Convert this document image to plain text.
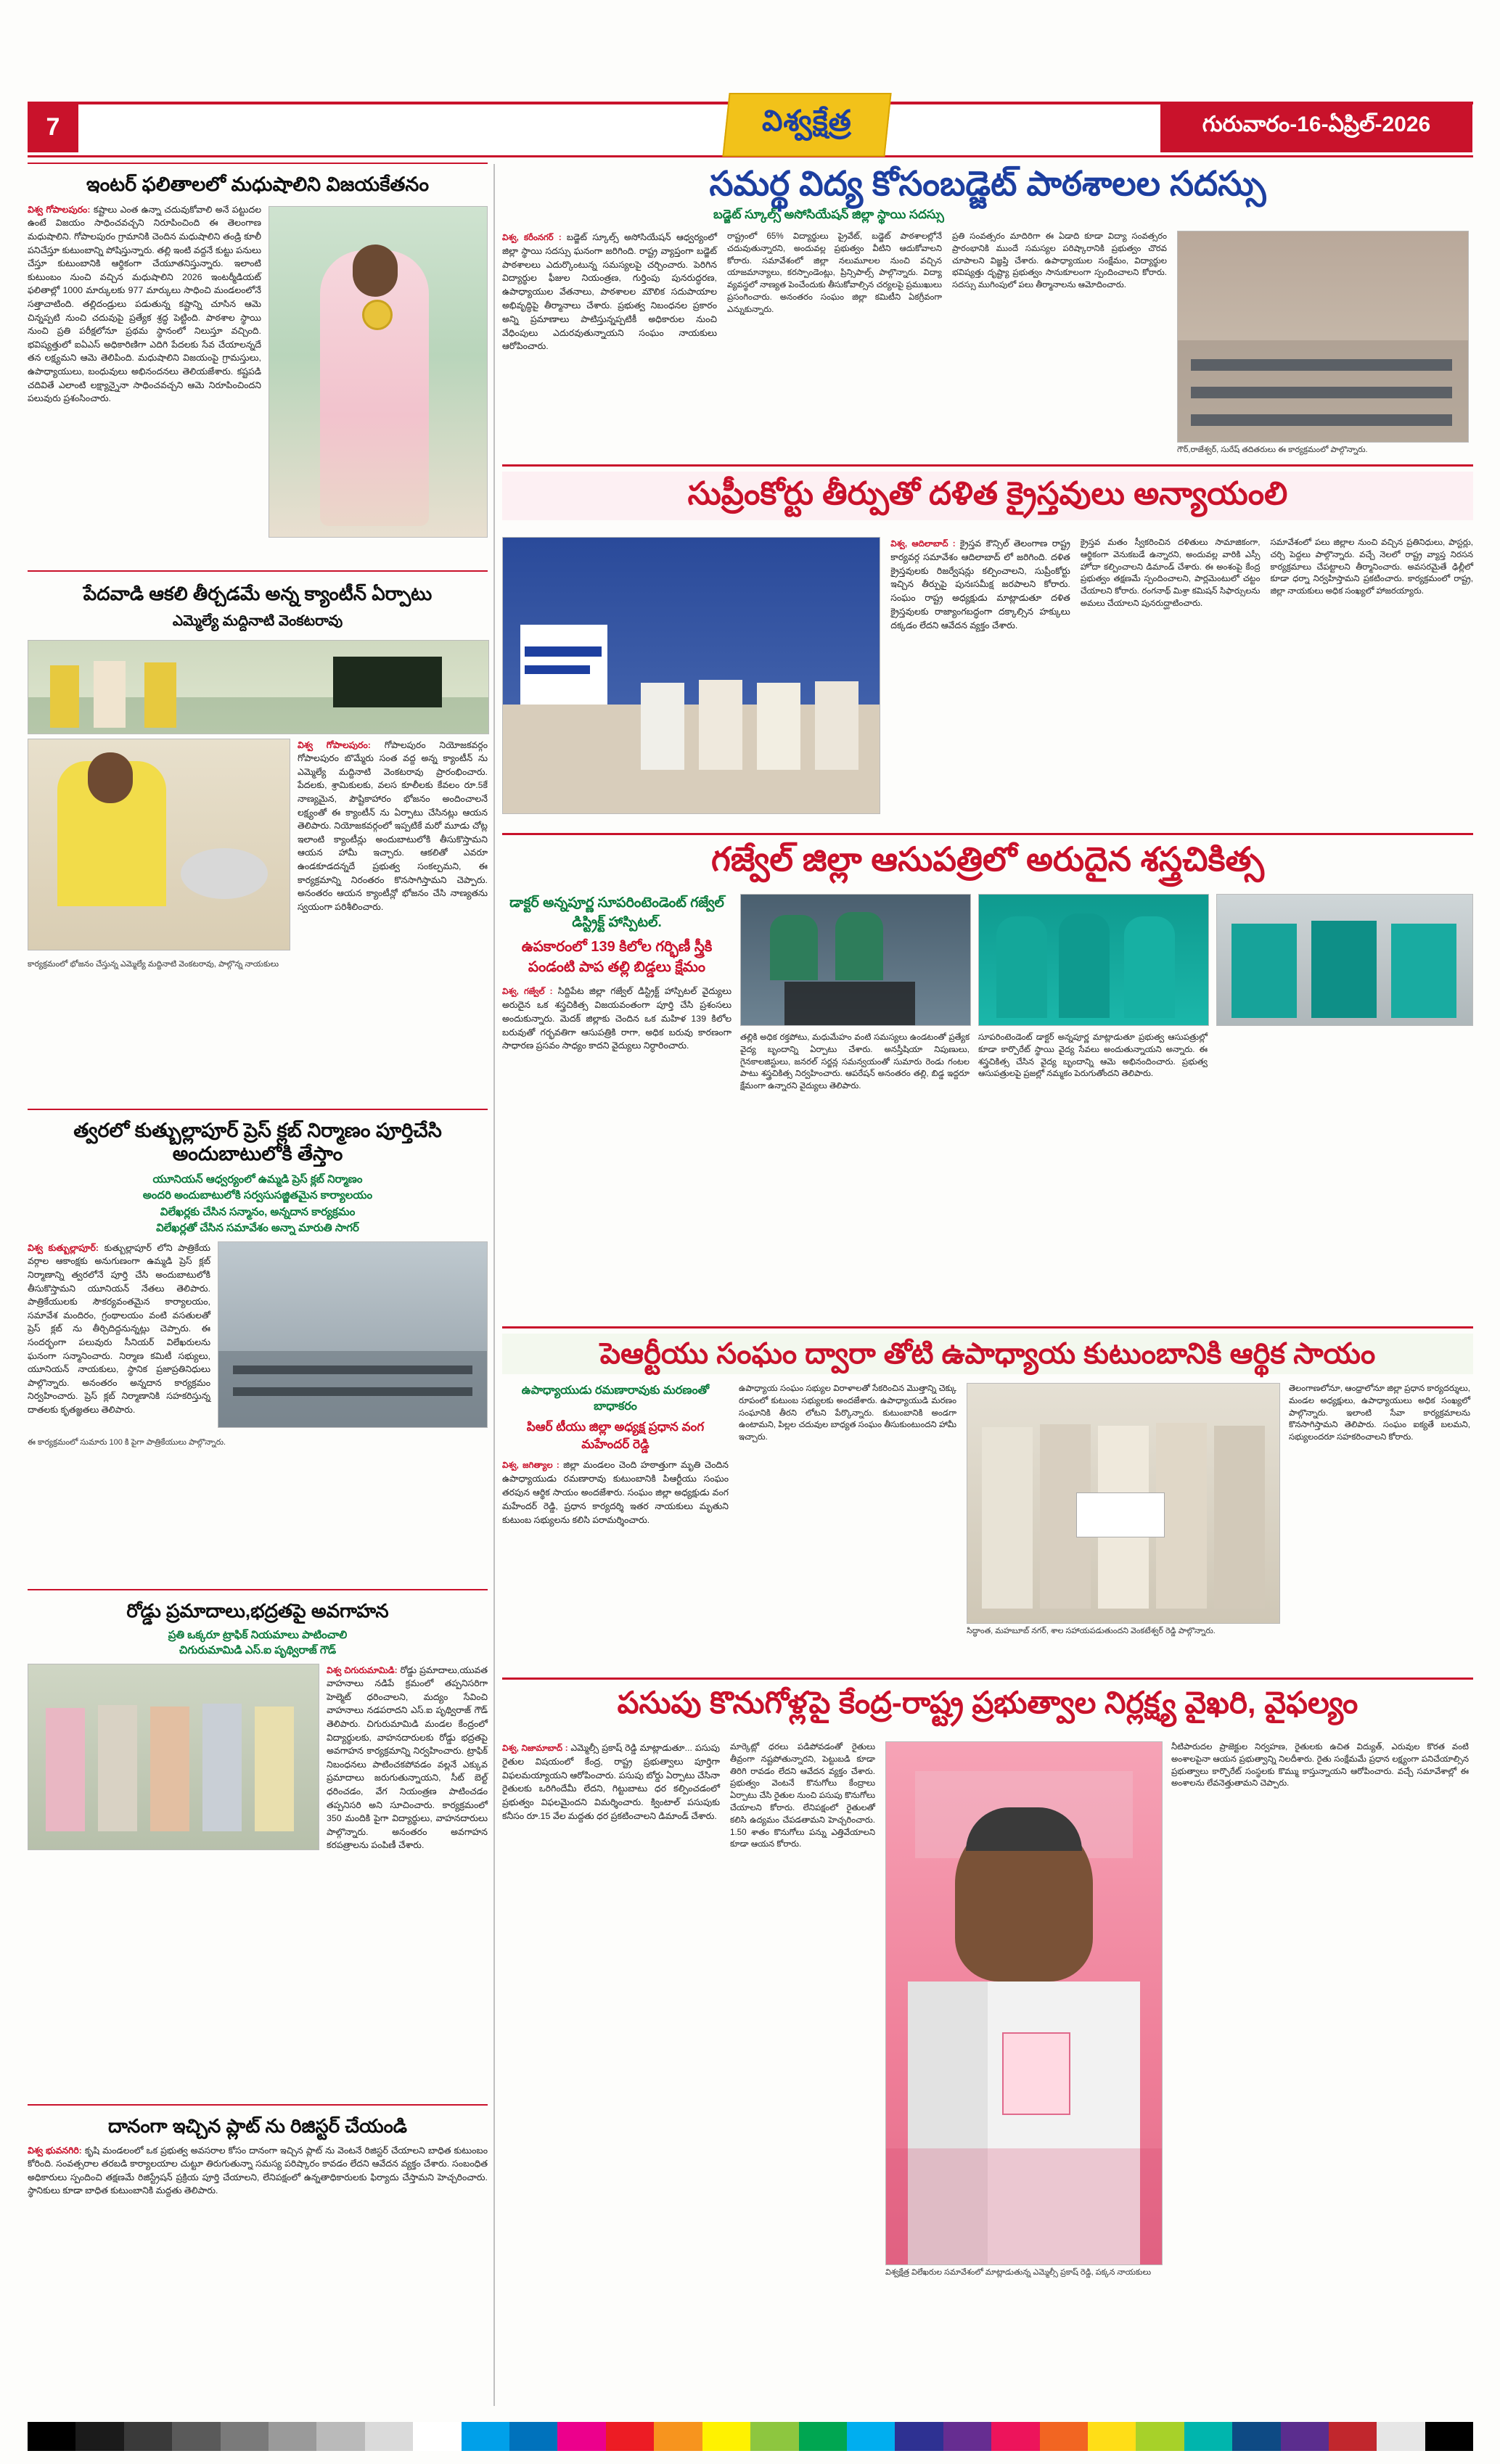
7	విశ్వక్షేత్ర	గురువారం-16-ఏప్రిల్-2026
ఇంటర్ ఫలితాలలో మధుషాలిని విజయకేతనం
విశ్వ గోపాలపురం: కష్టాలు ఎంత ఉన్నా చదువుకోవాలి అనే పట్టుదల ఉంటే విజయం సాధించవచ్చని నిరూపించింది ఈ తెలంగాణ మధుషాలిని. గోపాలపురం గ్రామానికి చెందిన మధుషాలిని తండ్రి కూలీ పనిచేస్తూ కుటుంబాన్ని పోషిస్తున్నారు. తల్లి ఇంటి వద్దనే కుట్టు పనులు చేస్తూ కుటుంబానికి ఆర్థికంగా చేయూతనిస్తున్నారు. ఇలాంటి కుటుంబం నుంచి వచ్చిన మధుషాలిని 2026 ఇంటర్మీడియట్ ఫలితాల్లో 1000 మార్కులకు 977 మార్కులు సాధించి మండలంలోనే సత్తాచాటింది. తల్లిదండ్రులు పడుతున్న కష్టాన్ని చూసిన ఆమె చిన్నప్పటి నుంచి చదువుపై ప్రత్యేక శ్రద్ధ పెట్టింది. పాఠశాల స్థాయి నుంచి ప్రతి పరీక్షలోనూ ప్రథమ స్థానంలో నిలుస్తూ వచ్చింది. భవిష్యత్తులో ఐఏఎస్ అధికారిణిగా ఎదిగి పేదలకు సేవ చేయాలన్నదే తన లక్ష్యమని ఆమె తెలిపింది. మధుషాలిని విజయంపై గ్రామస్తులు, ఉపాధ్యాయులు, బంధువులు అభినందనలు తెలియజేశారు. కష్టపడి చదివితే ఎలాంటి లక్ష్యాన్నైనా సాధించవచ్చని ఆమె నిరూపించిందని పలువురు ప్రశంసించారు.
పేదవాడి ఆకలి తీర్చడమే అన్న క్యాంటీన్ ఏర్పాటు
ఎమ్మెల్యే మద్దినాటి వెంకటరావు
విశ్వ గోపాలపురం: గోపాలపురం నియోజకవర్గం గోపాలపురం బొమ్మేరు సంత వద్ద అన్న క్యాంటీన్ ను ఎమ్మెల్యే మద్దినాటి వెంకటరావు ప్రారంభించారు. పేదలకు, శ్రామికులకు, వలస కూలీలకు కేవలం రూ.5కే నాణ్యమైన, పౌష్టికాహారం భోజనం అందించాలనే లక్ష్యంతో ఈ క్యాంటీన్ ను ఏర్పాటు చేసినట్లు ఆయన తెలిపారు. నియోజకవర్గంలో ఇప్పటికే మరో మూడు చోట్ల ఇలాంటి క్యాంటీన్లు అందుబాటులోకి తీసుకొస్తామని ఆయన హామీ ఇచ్చారు. ఆకలితో ఎవరూ ఉండకూడదన్నదే ప్రభుత్వ సంకల్పమని, ఈ కార్యక్రమాన్ని నిరంతరం కొనసాగిస్తామని చెప్పారు. అనంతరం ఆయన క్యాంటీన్లో భోజనం చేసి నాణ్యతను స్వయంగా పరిశీలించారు.
కార్యక్రమంలో భోజనం చేస్తున్న ఎమ్మెల్యే మద్దినాటి వెంకటరావు, పాల్గొన్న నాయకులు
త్వరలో కుత్బుల్లాపూర్ ప్రెస్ క్లబ్ నిర్మాణం పూర్తిచేసి అందుబాటులోకి తేస్తాం
యూనియన్ ఆధ్వర్యంలో ఉమ్మడి ప్రెస్ క్లబ్ నిర్మాణం
అందరి అందుబాటులోకి సర్వసుసజ్జితమైన కార్యాలయం
విలేఖర్లకు చేసిన సన్మానం, అన్నదాన కార్యక్రమం
విలేఖర్లతో చేసిన సమావేశం అన్నా మారుతి సాగర్
విశ్వ కుత్బుల్లాపూర్: కుత్బుల్లాపూర్ లోని పాత్రికేయ వర్గాల ఆకాంక్షకు అనుగుణంగా ఉమ్మడి ప్రెస్ క్లబ్ నిర్మాణాన్ని త్వరలోనే పూర్తి చేసి అందుబాటులోకి తీసుకొస్తామని యూనియన్ నేతలు తెలిపారు. పాత్రికేయులకు సౌకర్యవంతమైన కార్యాలయం, సమావేశ మందిరం, గ్రంథాలయం వంటి వసతులతో ప్రెస్ క్లబ్ ను తీర్చిదిద్దనున్నట్లు చెప్పారు. ఈ సందర్భంగా పలువురు సీనియర్ విలేఖరులను ఘనంగా సన్మానించారు. నిర్మాణ కమిటీ సభ్యులు, యూనియన్ నాయకులు, స్థానిక ప్రజాప్రతినిధులు పాల్గొన్నారు. అనంతరం అన్నదాన కార్యక్రమం నిర్వహించారు. ప్రెస్ క్లబ్ నిర్మాణానికి సహకరిస్తున్న దాతలకు కృతజ్ఞతలు తెలిపారు.
ఈ కార్యక్రమంలో సుమారు 100 కి పైగా పాత్రికేయులు పాల్గొన్నారు.
రోడ్డు ప్రమాదాలు,భద్రతపై అవగాహన
ప్రతి ఒక్కరూ ట్రాఫిక్ నియమాలు పాటించాలి
చిగురుమామిడి ఎస్.ఐ పృథ్విరాజ్ గౌడ్
విశ్వ చిగురుమామిడి: రోడ్డు ప్రమాదాలు,యువత వాహనాలు నడిపే క్రమంలో తప్పనిసరిగా హెల్మెట్ ధరించాలని, మద్యం సేవించి వాహనాలు నడపరాదని ఎస్.ఐ పృథ్విరాజ్ గౌడ్ తెలిపారు. చిగురుమామిడి మండల కేంద్రంలో విద్యార్థులకు, వాహనదారులకు రోడ్డు భద్రతపై అవగాహన కార్యక్రమాన్ని నిర్వహించారు. ట్రాఫిక్ నిబంధనలు పాటించకపోవడం వల్లనే ఎక్కువ ప్రమాదాలు జరుగుతున్నాయని, సీట్ బెల్ట్ ధరించడం, వేగ నియంత్రణ పాటించడం తప్పనిసరి అని సూచించారు. కార్యక్రమంలో 350 మందికి పైగా విద్యార్థులు, వాహనదారులు పాల్గొన్నారు. అనంతరం అవగాహన కరపత్రాలను పంపిణీ చేశారు.
దానంగా ఇచ్చిన ప్లాట్ ను రిజిస్టర్ చేయండి
విశ్వ భువనగిరి: కృషి మండలంలో ఒక ప్రభుత్వ అవసరాల కోసం దానంగా ఇచ్చిన ప్లాట్ ను వెంటనే రిజిస్టర్ చేయాలని బాధిత కుటుంబం కోరింది. సంవత్సరాల తరబడి కార్యాలయాల చుట్టూ తిరుగుతున్నా సమస్య పరిష్కారం కావడం లేదని ఆవేదన వ్యక్తం చేశారు. సంబంధిత అధికారులు స్పందించి తక్షణమే రిజిస్ట్రేషన్ ప్రక్రియ పూర్తి చేయాలని, లేనిపక్షంలో ఉన్నతాధికారులకు ఫిర్యాదు చేస్తామని హెచ్చరించారు. స్థానికులు కూడా బాధిత కుటుంబానికి మద్దతు తెలిపారు.
సమర్థ విద్య కోసంబడ్జెట్ పాఠశాలల సదస్సు
బడ్జెట్ స్కూల్స్ అసోసియేషన్ జిల్లా స్థాయి సదస్సు
విశ్వ, కరీంనగర్ : బడ్జెట్ స్కూల్స్ అసోసియేషన్ ఆధ్వర్యంలో జిల్లా స్థాయి సదస్సు ఘనంగా జరిగింది. రాష్ట్ర వ్యాప్తంగా బడ్జెట్ పాఠశాలలు ఎదుర్కొంటున్న సమస్యలపై చర్చించారు. పెరిగిన విద్యార్థుల ఫీజుల నియంత్రణ, గుర్తింపు పునరుద్ధరణ, ఉపాధ్యాయుల వేతనాలు, పాఠశాలల మౌలిక సదుపాయాల అభివృద్ధిపై తీర్మానాలు చేశారు. ప్రభుత్వ నిబంధనల ప్రకారం అన్ని ప్రమాణాలు పాటిస్తున్నప్పటికీ అధికారుల నుంచి వేధింపులు ఎదురవుతున్నాయని సంఘం నాయకులు ఆరోపించారు.
రాష్ట్రంలో 65% విద్యార్థులు ప్రైవేట్, బడ్జెట్ పాఠశాలల్లోనే చదువుతున్నారని, అందువల్ల ప్రభుత్వం వీటిని ఆదుకోవాలని కోరారు. సమావేశంలో జిల్లా నలుమూలల నుంచి వచ్చిన యాజమాన్యాలు, కరస్పాండెంట్లు, ప్రిన్సిపాల్స్ పాల్గొన్నారు. విద్యా వ్యవస్థలో నాణ్యత పెంచేందుకు తీసుకోవాల్సిన చర్యలపై ప్రముఖులు ప్రసంగించారు. అనంతరం సంఘం జిల్లా కమిటీని ఏకగ్రీవంగా ఎన్నుకున్నారు.
ప్రతి సంవత్సరం మాదిరిగా ఈ ఏడాది కూడా విద్యా సంవత్సరం ప్రారంభానికి ముందే సమస్యల పరిష్కారానికి ప్రభుత్వం చొరవ చూపాలని విజ్ఞప్తి చేశారు. ఉపాధ్యాయుల సంక్షేమం, విద్యార్థుల భవిష్యత్తు దృష్ట్యా ప్రభుత్వం సానుకూలంగా స్పందించాలని కోరారు. సదస్సు ముగింపులో పలు తీర్మానాలను ఆమోదించారు.
గౌర్,రాజేశ్వర్, సురేష్ తదితరులు ఈ కార్యక్రమంలో పాల్గొన్నారు.
సుప్రీంకోర్టు తీర్పుతో దళిత క్రైస్తవులు అన్యాయంలి
విశ్వ, ఆదిలాబాద్ : క్రైస్తవ కౌన్సిల్ తెలంగాణ రాష్ట్ర కార్యవర్గ సమావేశం ఆదిలాబాద్ లో జరిగింది. దళిత క్రైస్తవులకు రిజర్వేషన్లు కల్పించాలని, సుప్రీంకోర్టు ఇచ్చిన తీర్పుపై పునఃసమీక్ష జరపాలని కోరారు. సంఘం రాష్ట్ర అధ్యక్షుడు మాట్లాడుతూ దళిత క్రైస్తవులకు రాజ్యాంగబద్ధంగా దక్కాల్సిన హక్కులు దక్కడం లేదని ఆవేదన వ్యక్తం చేశారు.
క్రైస్తవ మతం స్వీకరించిన దళితులు సామాజికంగా, ఆర్థికంగా వెనుకబడే ఉన్నారని, అందువల్ల వారికి ఎస్సీ హోదా కల్పించాలని డిమాండ్ చేశారు. ఈ అంశంపై కేంద్ర ప్రభుత్వం తక్షణమే స్పందించాలని, పార్లమెంటులో చట్టం చేయాలని కోరారు. రంగనాథ్ మిశ్రా కమిషన్ సిఫార్సులను అమలు చేయాలని పునరుద్ఘాటించారు.
సమావేశంలో పలు జిల్లాల నుంచి వచ్చిన ప్రతినిధులు, పాస్టర్లు, చర్చి పెద్దలు పాల్గొన్నారు. వచ్చే నెలలో రాష్ట్ర వ్యాప్త నిరసన కార్యక్రమాలు చేపట్టాలని తీర్మానించారు. అవసరమైతే ఢిల్లీలో కూడా ధర్నా నిర్వహిస్తామని ప్రకటించారు. కార్యక్రమంలో రాష్ట్ర, జిల్లా నాయకులు అధిక సంఖ్యలో హాజరయ్యారు.
గజ్వేల్ జిల్లా ఆసుపత్రిలో అరుదైన శస్త్రచికిత్స
డాక్టర్ అన్నపూర్ణ సూపరింటెండెంట్ గజ్వేల్ డిస్ట్రిక్ట్ హాస్పిటల్.
ఉపకారంలో 139 కిలోల గర్భిణీ స్త్రీకి పండంటి పాప తల్లి బిడ్డలు క్షేమం
విశ్వ, గజ్వేల్ : సిద్దిపేట జిల్లా గజ్వేల్ డిస్ట్రిక్ట్ హాస్పిటల్ వైద్యులు అరుదైన ఒక శస్త్రచికిత్స విజయవంతంగా పూర్తి చేసి ప్రశంసలు అందుకున్నారు. మెదక్ జిల్లాకు చెందిన ఒక మహిళ 139 కిలోల బరువుతో గర్భవతిగా ఆసుపత్రికి రాగా, అధిక బరువు కారణంగా సాధారణ ప్రసవం సాధ్యం కాదని వైద్యులు నిర్ధారించారు.
తల్లికి అధిక రక్తపోటు, మధుమేహం వంటి సమస్యలు ఉండటంతో ప్రత్యేక వైద్య బృందాన్ని ఏర్పాటు చేశారు. అనస్తీషియా నిపుణులు, గైనకాలజిస్టులు, జనరల్ సర్జన్ల సమన్వయంతో సుమారు రెండు గంటల పాటు శస్త్రచికిత్స నిర్వహించారు. ఆపరేషన్ అనంతరం తల్లి, బిడ్డ ఇద్దరూ క్షేమంగా ఉన్నారని వైద్యులు తెలిపారు.
సూపరింటెండెంట్ డాక్టర్ అన్నపూర్ణ మాట్లాడుతూ ప్రభుత్వ ఆసుపత్రుల్లో కూడా కార్పొరేట్ స్థాయి వైద్య సేవలు అందుతున్నాయని అన్నారు. ఈ శస్త్రచికిత్స చేసిన వైద్య బృందాన్ని ఆమె అభినందించారు. ప్రభుత్వ ఆసుపత్రులపై ప్రజల్లో నమ్మకం పెరుగుతోందని తెలిపారు.
పెఆర్టీయు సంఘం ద్వారా తోటి ఉపాధ్యాయ కుటుంబానికి ఆర్థిక సాయం
ఉపాధ్యాయుడు రమణారావుకు మరణంతో బాధాకరం
పిఆర్ టీయు జిల్లా అధ్యక్ష ప్రధాన వంగ మహేందర్ రెడ్డి
విశ్వ, జగిత్యాల : జిల్లా మండలం చెంది హఠాత్తుగా మృతి చెందిన ఉపాధ్యాయుడు రమణారావు కుటుంబానికి పిఆర్టీయు సంఘం తరపున ఆర్థిక సాయం అందజేశారు. సంఘం జిల్లా అధ్యక్షుడు వంగ మహేందర్ రెడ్డి, ప్రధాన కార్యదర్శి ఇతర నాయకులు మృతుని కుటుంబ సభ్యులను కలిసి పరామర్శించారు.
ఉపాధ్యాయ సంఘం సభ్యుల విరాళాలతో సేకరించిన మొత్తాన్ని చెక్కు రూపంలో కుటుంబ సభ్యులకు అందజేశారు. ఉపాధ్యాయుడి మరణం సంఘానికి తీరని లోటని పేర్కొన్నారు. కుటుంబానికి అండగా ఉంటామని, పిల్లల చదువుల బాధ్యత సంఘం తీసుకుంటుందని హామీ ఇచ్చారు.
సిద్ధాంత, మహబూబ్ నగర్, శాల సహాయపడుతుందని వెంకటేశ్వర్ రెడ్డి పాల్గొన్నారు.
తెలంగాణలోనూ, ఆంధ్రాలోనూ జిల్లా ప్రధాన కార్యదర్శులు, మండల అధ్యక్షులు, ఉపాధ్యాయులు అధిక సంఖ్యలో పాల్గొన్నారు. ఇలాంటి సేవా కార్యక్రమాలను కొనసాగిస్తామని తెలిపారు. సంఘం ఐక్యతే బలమని, సభ్యులందరూ సహకరించాలని కోరారు.
పసుపు కొనుగోళ్లపై కేంద్ర-రాష్ట్ర ప్రభుత్వాల నిర్లక్ష్య వైఖరి, వైఫల్యం
విశ్వ, నిజామాబాద్ : ఎమ్మెల్సీ ప్రకాష్ రెడ్డి మాట్లాడుతూ... పసుపు రైతుల విషయంలో కేంద్ర, రాష్ట్ర ప్రభుత్వాలు పూర్తిగా విఫలమయ్యాయని ఆరోపించారు. పసుపు బోర్డు ఏర్పాటు చేసినా రైతులకు ఒరిగిందేమీ లేదని, గిట్టుబాటు ధర కల్పించడంలో ప్రభుత్వం విఫలమైందని విమర్శించారు. క్వింటాల్ పసుపుకు కనీసం రూ.15 వేల మద్దతు ధర ప్రకటించాలని డిమాండ్ చేశారు.
మార్కెట్లో ధరలు పడిపోవడంతో రైతులు తీవ్రంగా నష్టపోతున్నారని, పెట్టుబడి కూడా తిరిగి రావడం లేదని ఆవేదన వ్యక్తం చేశారు. ప్రభుత్వం వెంటనే కొనుగోలు కేంద్రాలు ఏర్పాటు చేసి రైతుల నుంచి పసుపు కొనుగోలు చేయాలని కోరారు. లేనిపక్షంలో రైతులతో కలిసి ఉద్యమం చేపడతామని హెచ్చరించారు. 1.50 శాతం కొనుగోలు పన్ను ఎత్తివేయాలని కూడా ఆయన కోరారు.
విశ్వక్షేత్ర విలేఖరుల సమావేశంలో మాట్లాడుతున్న ఎమ్మెల్సీ ప్రకాష్ రెడ్డి, పక్కన నాయకులు
నీటిపారుదల ప్రాజెక్టుల నిర్వహణ, రైతులకు ఉచిత విద్యుత్, ఎరువుల కొరత వంటి అంశాలపైనా ఆయన ప్రభుత్వాన్ని నిలదీశారు. రైతు సంక్షేమమే ప్రధాన లక్ష్యంగా పనిచేయాల్సిన ప్రభుత్వాలు కార్పొరేట్ సంస్థలకు కొమ్ము కాస్తున్నాయని ఆరోపించారు. వచ్చే సమావేశాల్లో ఈ అంశాలను లేవనెత్తుతామని చెప్పారు.
